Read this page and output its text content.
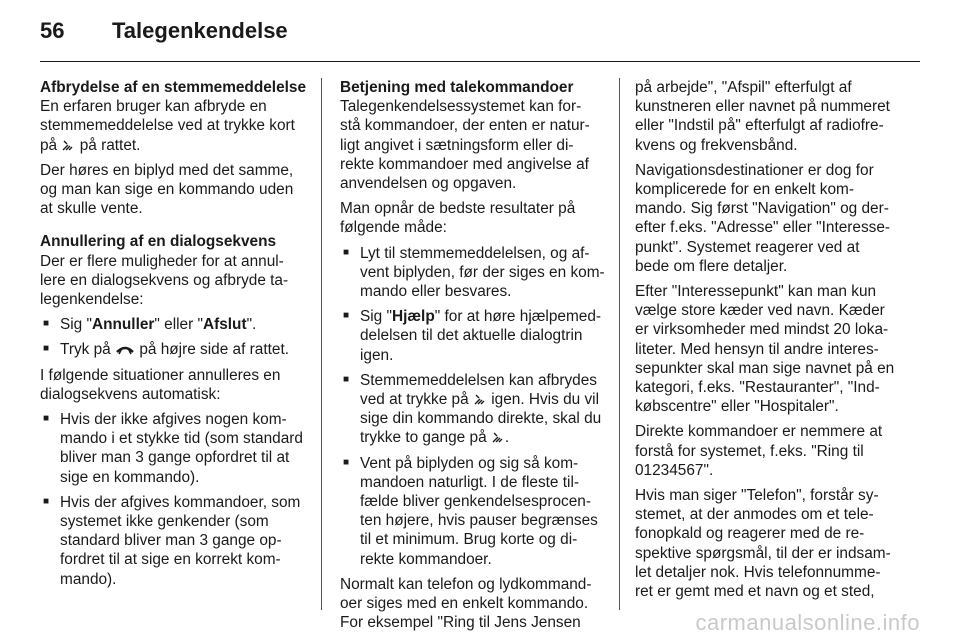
56	Talegenkendelse
Afbrydelse af en stemmemeddelelse
En erfaren bruger kan afbryde en
stemmemeddelelse ved at trykke kort
på på rattet.
Der høres en biplyd med det samme,
og man kan sige en kommando uden
at skulle vente.
Annullering af en dialogsekvens
Der er flere muligheder for at annul-
lere en dialogsekvens og afbryde ta-
legenkendelse:
■ Sig "Annuller" eller "Afslut".
■ Tryk på på højre side af rattet.
I følgende situationer annulleres en
dialogsekvens automatisk:
■ Hvis der ikke afgives nogen kom-
mando i et stykke tid (som standard
bliver man 3 gange opfordret til at
sige en kommando).
■ Hvis der afgives kommandoer, som
systemet ikke genkender (som
standard bliver man 3 gange op-
fordret til at sige en korrekt kom-
mando).
Betjening med talekommandoer
Talegenkendelsessystemet kan for-
stå kommandoer, der enten er natur-
ligt angivet i sætningsform eller di-
rekte kommandoer med angivelse af
anvendelsen og opgaven.
Man opnår de bedste resultater på
følgende måde:
■ Lyt til stemmemeddelelsen, og af-
vent biplyden, før der siges en kom-
mando eller besvares.
■ Sig "Hjælp" for at høre hjælpemed-
delelsen til det aktuelle dialogtrin
igen.
■ Stemmemeddelelsen kan afbrydes
ved at trykke på igen. Hvis du vil
sige din kommando direkte, skal du
trykke to gange på .
■ Vent på biplyden og sig så kom-
mandoen naturligt. I de fleste til-
fælde bliver genkendelsesprocen-
ten højere, hvis pauser begrænses
til et minimum. Brug korte og di-
rekte kommandoer.
Normalt kan telefon og lydkommand-
oer siges med en enkelt kommando.
For eksempel "Ring til Jens Jensen
på arbejde", "Afspil" efterfulgt af
kunstneren eller navnet på nummeret
eller "Indstil på" efterfulgt af radiofre-
kvens og frekvensbånd.
Navigationsdestinationer er dog for
komplicerede for en enkelt kom-
mando. Sig først "Navigation" og der-
efter f.eks. "Adresse" eller "Interesse-
punkt". Systemet reagerer ved at
bede om flere detaljer.
Efter "Interessepunkt" kan man kun
vælge store kæder ved navn. Kæder
er virksomheder med mindst 20 loka-
liteter. Med hensyn til andre interes-
sepunkter skal man sige navnet på en
kategori, f.eks. "Restauranter", "Ind-
købscentre" eller "Hospitaler".
Direkte kommandoer er nemmere at
forstå for systemet, f.eks. "Ring til
01234567".
Hvis man siger "Telefon", forstår sy-
stemet, at der anmodes om et tele-
fonopkald og reagerer med de re-
spektive spørgsmål, til der er indsam-
let detaljer nok. Hvis telefonnumme-
ret er gemt med et navn og et sted,
carmanualsonline.info
